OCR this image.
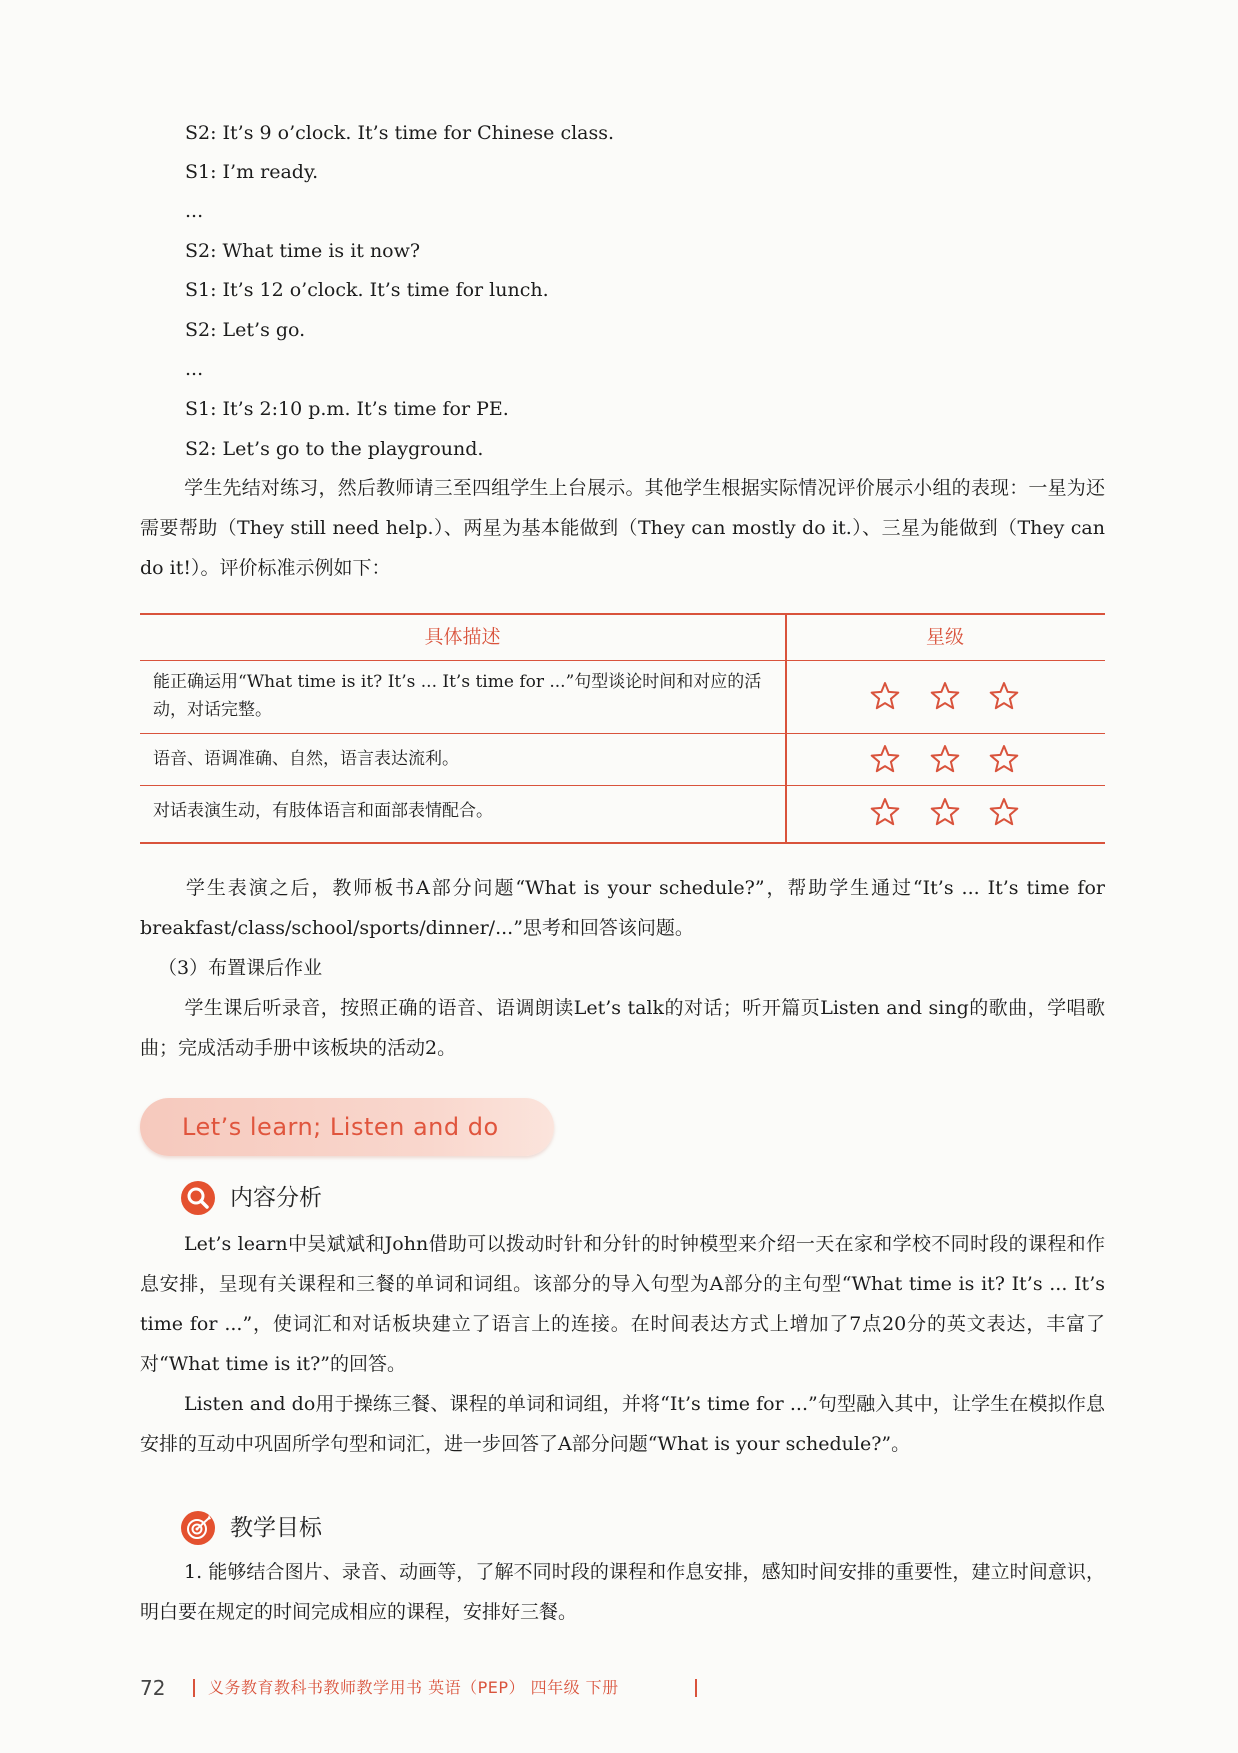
S2: It’s 9 o’clock. It’s time for Chinese class.
S1: I’m ready.
...
S2: What time is it now?
S1: It’s 12 o’clock. It’s time for lunch.
S2: Let’s go.
...
S1: It’s 2:10 p.m. It’s time for PE.
S2: Let’s go to the playground.
学生先结对练习，然后教师请三至四组学生上台展示。其他学生根据实际情况评价展示小组的表现：一星为还需要帮助（They still need help.）、两星为基本能做到（They can mostly do it.）、三星为能做到（They can do it!）。评价标准示例如下：
具体描述	星级
能正确运用“What time is it? It’s ... It’s time for ...”句型谈论时间和对应的活动，对话完整。
语音、语调准确、自然，语言表达流利。
对话表演生动，有肢体语言和面部表情配合。
学生表演之后，教师板书A部分问题“What is your schedule?”，帮助学生通过“It’s ... It’s time for breakfast/class/school/sports/dinner/...”思考和回答该问题。
（3）布置课后作业
学生课后听录音，按照正确的语音、语调朗读Let’s talk的对话；听开篇页Listen and sing的歌曲，学唱歌曲；完成活动手册中该板块的活动2。
Let’s learn; Listen and do
内容分析
Let’s learn中吴斌斌和John借助可以拨动时针和分针的时钟模型来介绍一天在家和学校不同时段的课程和作息安排，呈现有关课程和三餐的单词和词组。该部分的导入句型为A部分的主句型“What time is it? It’s ... It’s time for ...”，使词汇和对话板块建立了语言上的连接。在时间表达方式上增加了7点20分的英文表达，丰富了对“What time is it?”的回答。
Listen and do用于操练三餐、课程的单词和词组，并将“It’s time for ...”句型融入其中，让学生在模拟作息安排的互动中巩固所学句型和词汇，进一步回答了A部分问题“What is your schedule?”。
教学目标
1. 能够结合图片、录音、动画等，了解不同时段的课程和作息安排，感知时间安排的重要性，建立时间意识，明白要在规定的时间完成相应的课程，安排好三餐。
72	义务教育教科书教师教学用书 英语（PEP） 四年级 下册
